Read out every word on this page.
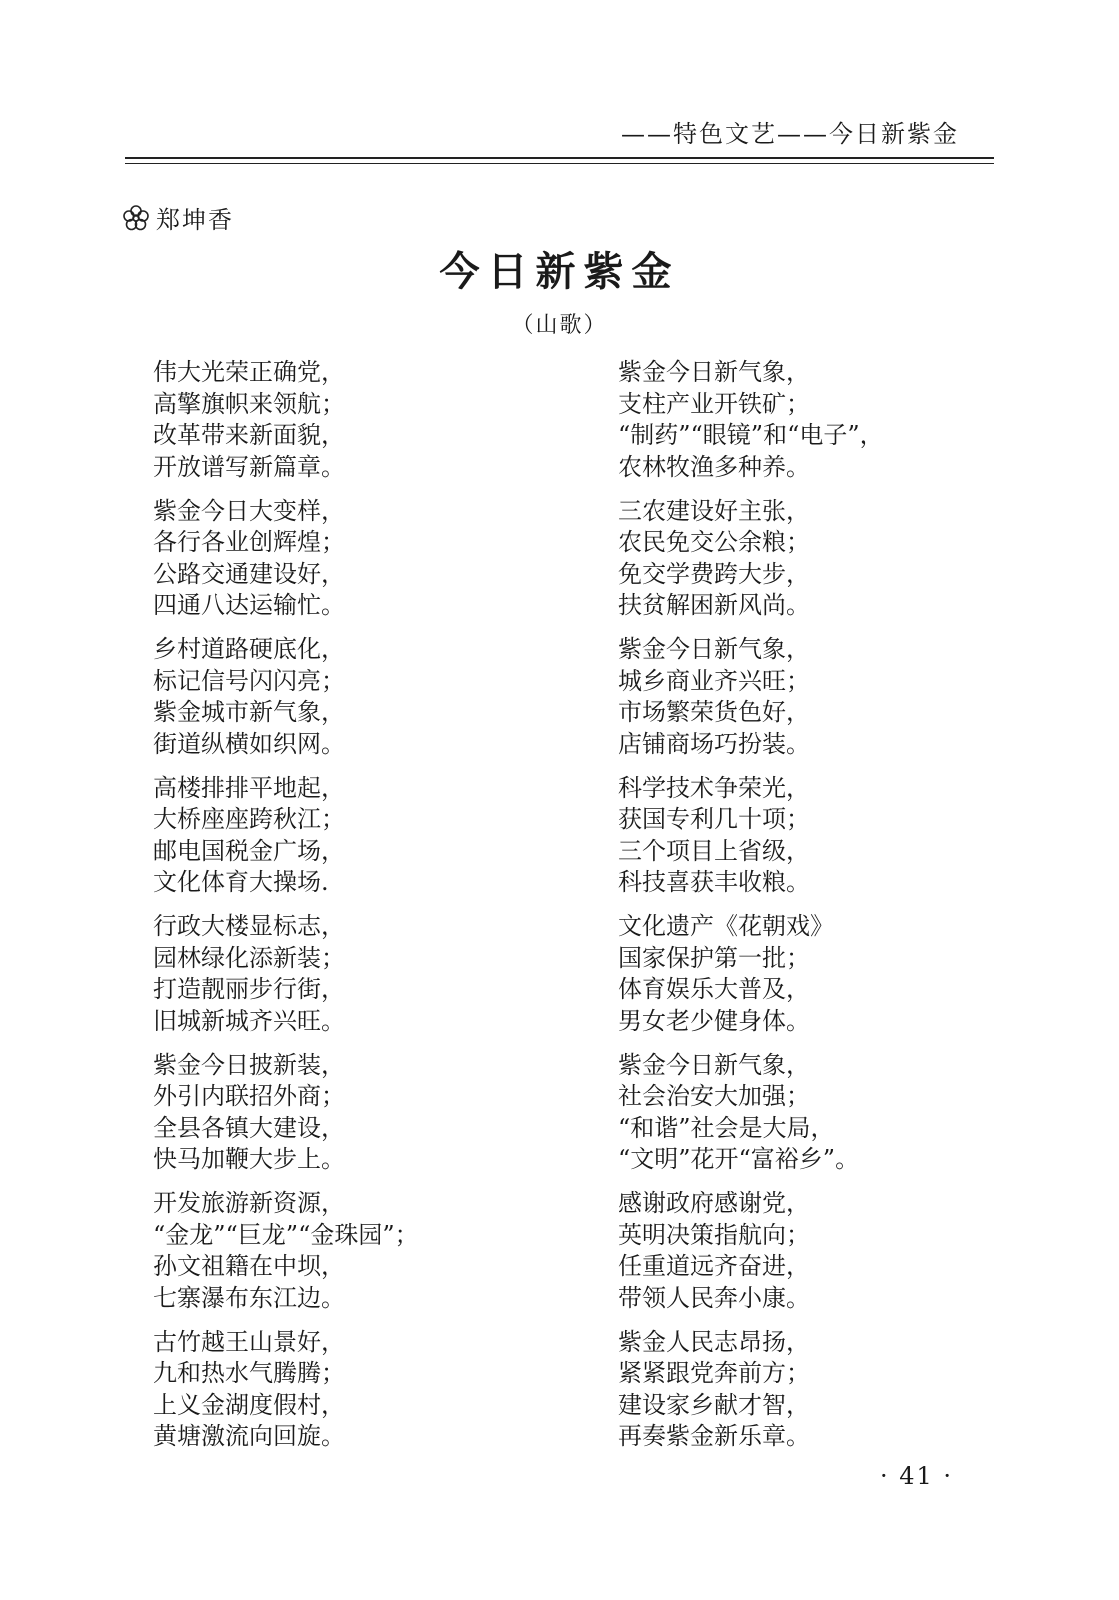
——特色文艺——今日新紫金
郑坤香
今日新紫金
（山歌）
伟大光荣正确党，
高擎旗帜来领航；
改革带来新面貌，
开放谱写新篇章。
紫金今日大变样，
各行各业创辉煌；
公路交通建设好，
四通八达运输忙。
乡村道路硬底化，
标记信号闪闪亮；
紫金城市新气象，
街道纵横如织网。
高楼排排平地起，
大桥座座跨秋江；
邮电国税金广场，
文化体育大操场.
行政大楼显标志，
园林绿化添新装；
打造靓丽步行街，
旧城新城齐兴旺。
紫金今日披新装，
外引内联招外商；
全县各镇大建设，
快马加鞭大步上。
开发旅游新资源，
“金龙”“巨龙”“金珠园”；
孙文祖籍在中坝，
七寨瀑布东江边。
古竹越王山景好，
九和热水气腾腾；
上义金湖度假村，
黄塘激流向回旋。
紫金今日新气象，
支柱产业开铁矿；
“制药”“眼镜”和“电子”，
农林牧渔多种养。
三农建设好主张，
农民免交公余粮；
免交学费跨大步，
扶贫解困新风尚。
紫金今日新气象，
城乡商业齐兴旺；
市场繁荣货色好，
店铺商场巧扮装。
科学技术争荣光，
获国专利几十项；
三个项目上省级，
科技喜获丰收粮。
文化遗产《花朝戏》
国家保护第一批；
体育娱乐大普及，
男女老少健身体。
紫金今日新气象，
社会治安大加强；
“和谐”社会是大局，
“文明”花开“富裕乡”。
感谢政府感谢党，
英明决策指航向；
任重道远齐奋进，
带领人民奔小康。
紫金人民志昂扬，
紧紧跟党奔前方；
建设家乡献才智，
再奏紫金新乐章。
· 41 ·
